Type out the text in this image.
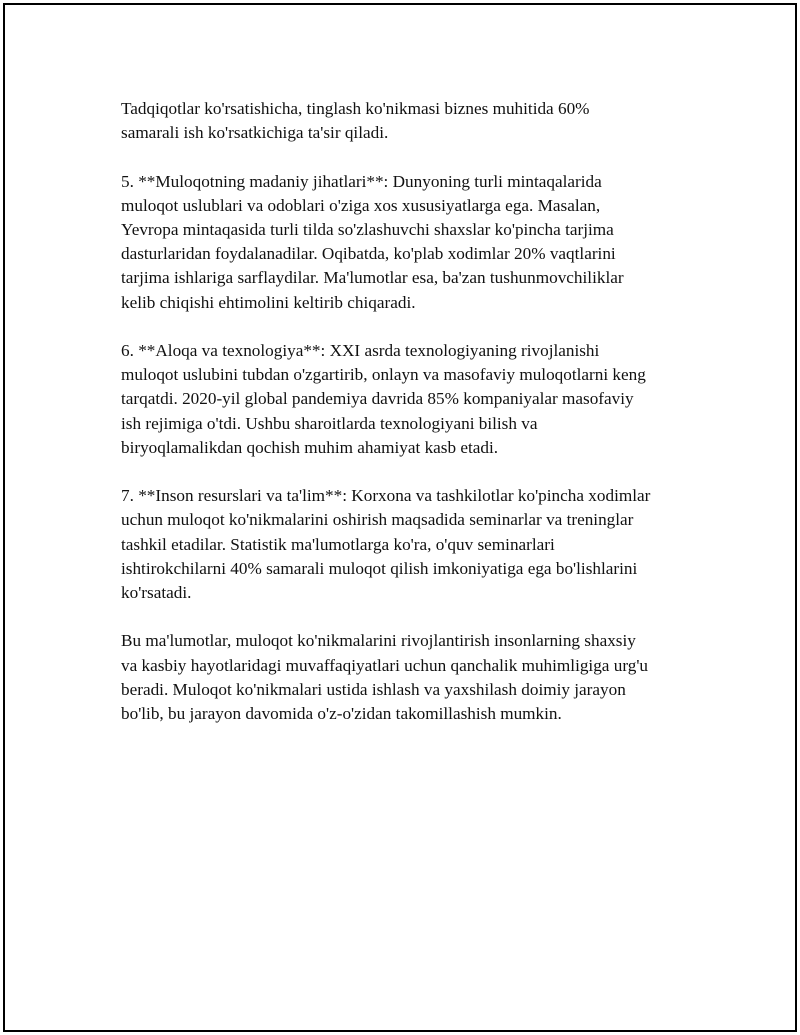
Tadqiqotlar ko'rsatishicha, tinglash ko'nikmasi biznes muhitida 60%
samarali ish ko'rsatkichiga ta'sir qiladi.

5. **Muloqotning madaniy jihatlari**: Dunyoning turli mintaqalarida
muloqot uslublari va odoblari o'ziga xos xususiyatlarga ega. Masalan,
Yevropa mintaqasida turli tilda so'zlashuvchi shaxslar ko'pincha tarjima
dasturlaridan foydalanadilar. Oqibatda, ko'plab xodimlar 20% vaqtlarini
tarjima ishlariga sarflaydilar. Ma'lumotlar esa, ba'zan tushunmovchiliklar
kelib chiqishi ehtimolini keltirib chiqaradi.

6. **Aloqa va texnologiya**: XXI asrda texnologiyaning rivojlanishi
muloqot uslubini tubdan o'zgartirib, onlayn va masofaviy muloqotlarni keng
tarqatdi. 2020-yil global pandemiya davrida 85% kompaniyalar masofaviy
ish rejimiga o'tdi. Ushbu sharoitlarda texnologiyani bilish va
biryoqlamalikdan qochish muhim ahamiyat kasb etadi.

7. **Inson resurslari va ta'lim**: Korxona va tashkilotlar ko'pincha xodimlar
uchun muloqot ko'nikmalarini oshirish maqsadida seminarlar va treninglar
tashkil etadilar. Statistik ma'lumotlarga ko'ra, o'quv seminarlari
ishtirokchilarni 40% samarali muloqot qilish imkoniyatiga ega bo'lishlarini
ko'rsatadi.

Bu ma'lumotlar, muloqot ko'nikmalarini rivojlantirish insonlarning shaxsiy
va kasbiy hayotlaridagi muvaffaqiyatlari uchun qanchalik muhimligiga urg'u
beradi. Muloqot ko'nikmalari ustida ishlash va yaxshilash doimiy jarayon
bo'lib, bu jarayon davomida o'z-o'zidan takomillashish mumkin.
